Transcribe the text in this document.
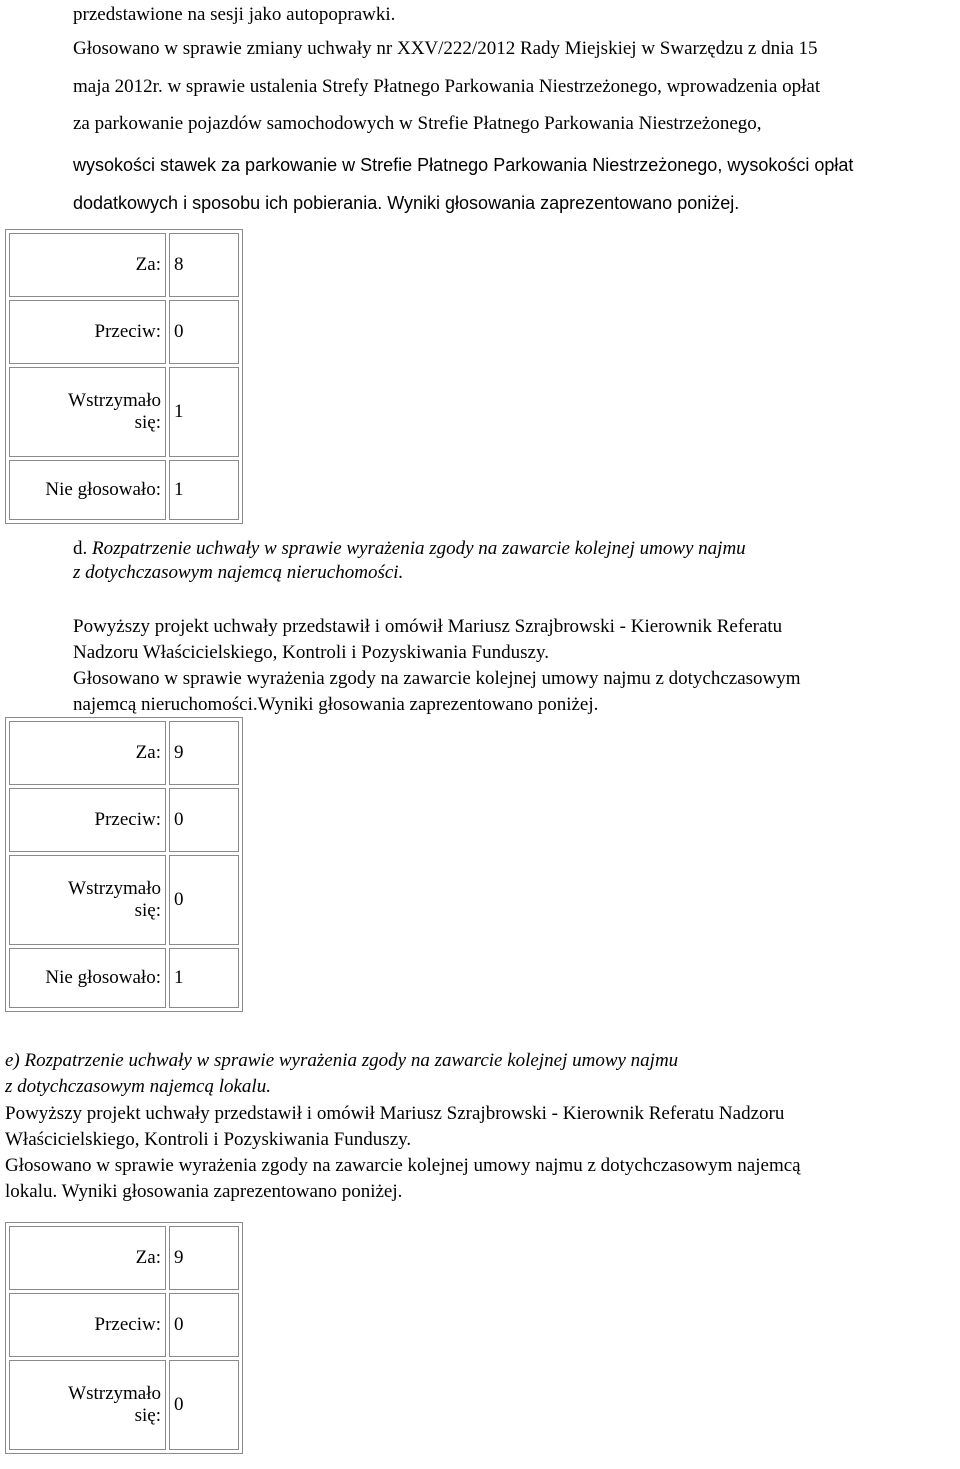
przedstawione na sesji jako autopoprawki.
Głosowano w sprawie zmiany uchwały nr XXV/222/2012 Rady Miejskiej w Swarzędzu z dnia 15
maja 2012r. w sprawie ustalenia Strefy Płatnego Parkowania Niestrzeżonego, wprowadzenia opłat
za parkowanie pojazdów samochodowych w Strefie Płatnego Parkowania Niestrzeżonego,
wysokości stawek za parkowanie w Strefie Płatnego Parkowania Niestrzeżonego, wysokości opłat
dodatkowych i sposobu ich pobierania. Wyniki głosowania zaprezentowano poniżej.
Za:	8
Przeciw:	0
Wstrzymało
się:	1
Nie głosowało:	1
d. Rozpatrzenie uchwały w sprawie wyrażenia zgody na zawarcie kolejnej umowy najmu
z dotychczasowym najemcą nieruchomości.
Powyższy projekt uchwały przedstawił i omówił Mariusz Szrajbrowski - Kierownik Referatu
Nadzoru Właścicielskiego, Kontroli i Pozyskiwania Funduszy.
Głosowano w sprawie wyrażenia zgody na zawarcie kolejnej umowy najmu z dotychczasowym
najemcą nieruchomości.Wyniki głosowania zaprezentowano poniżej.
Za:	9
Przeciw:	0
Wstrzymało
się:	0
Nie głosowało:	1
e) Rozpatrzenie uchwały w sprawie wyrażenia zgody na zawarcie kolejnej umowy najmu
z dotychczasowym najemcą lokalu.
Powyższy projekt uchwały przedstawił i omówił Mariusz Szrajbrowski - Kierownik Referatu Nadzoru
Właścicielskiego, Kontroli i Pozyskiwania Funduszy.
Głosowano w sprawie wyrażenia zgody na zawarcie kolejnej umowy najmu z dotychczasowym najemcą
lokalu. Wyniki głosowania zaprezentowano poniżej.
Za:	9
Przeciw:	0
Wstrzymało
się:	0
